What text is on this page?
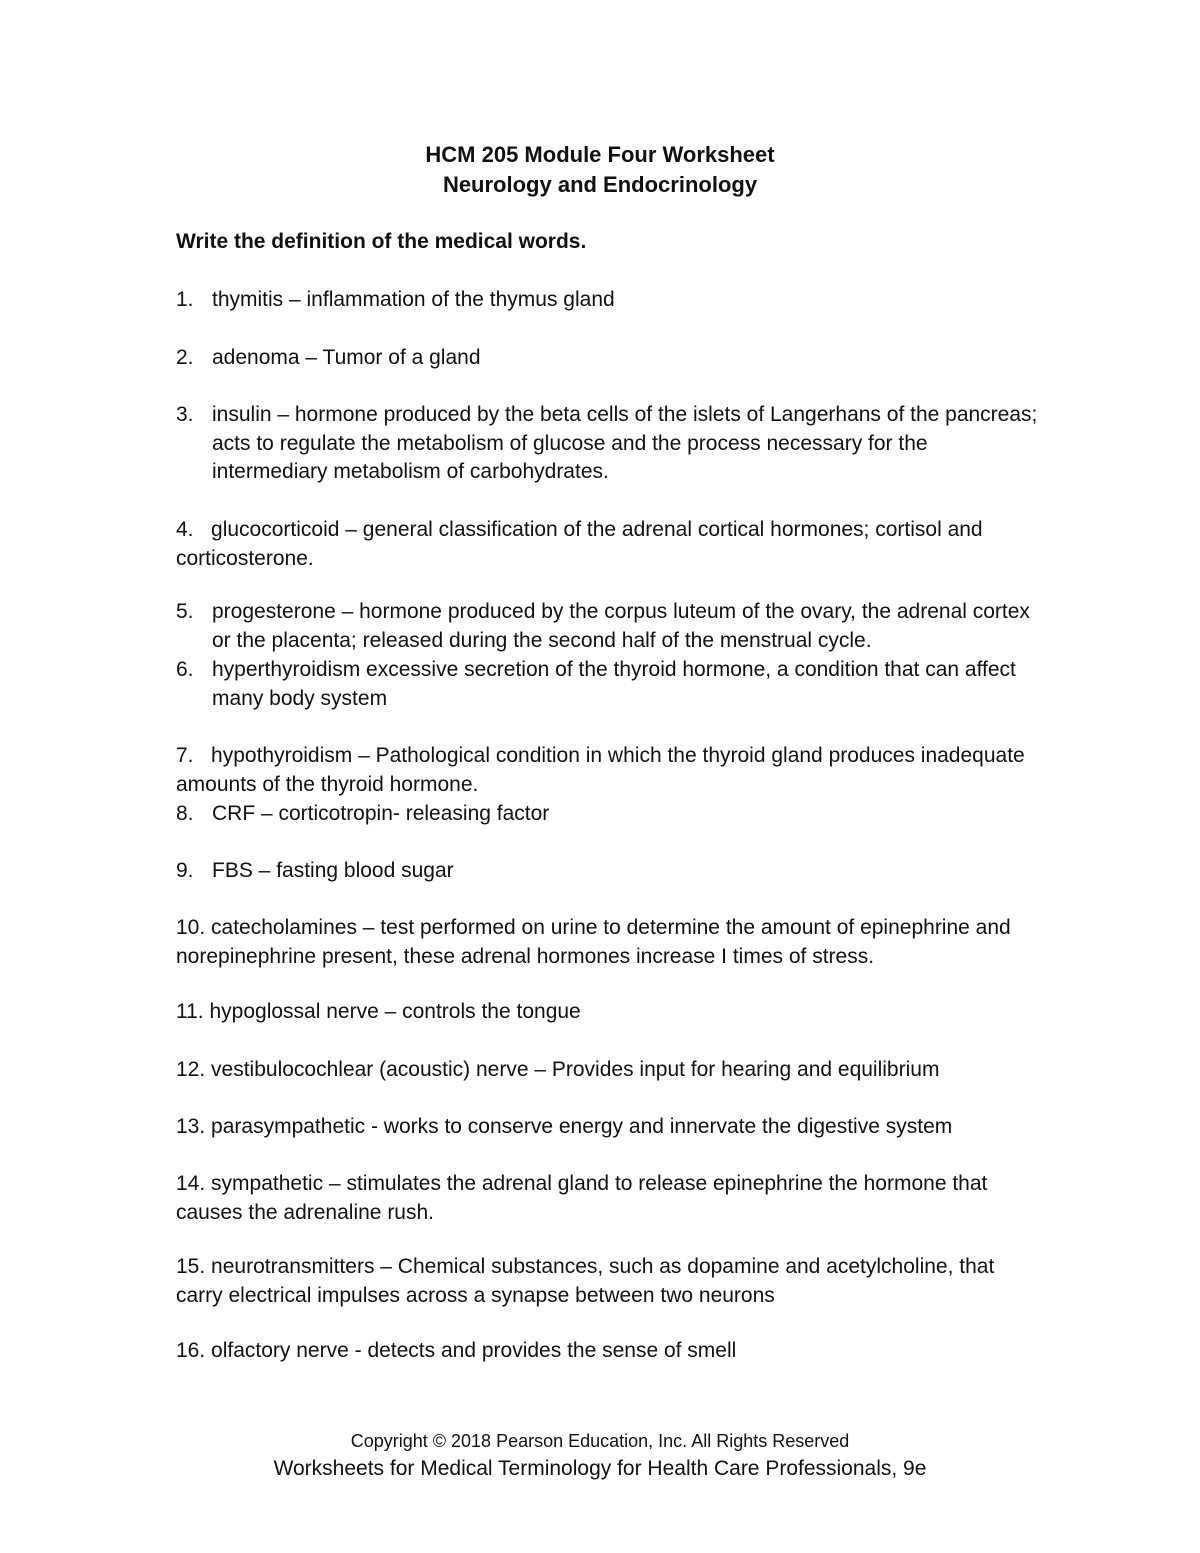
HCM 205 Module Four Worksheet
Neurology and Endocrinology
Write the definition of the medical words.
1. thymitis – inflammation of the thymus gland
2. adenoma – Tumor of a gland
3. insulin – hormone produced by the beta cells of the islets of Langerhans of the pancreas; acts to regulate the metabolism of glucose and the process necessary for the intermediary metabolism of carbohydrates.
4. glucocorticoid – general classification of the adrenal cortical hormones; cortisol and corticosterone.
5. progesterone – hormone produced by the corpus luteum of the ovary, the adrenal cortex or the placenta; released during the second half of the menstrual cycle.
6. hyperthyroidism excessive secretion of the thyroid hormone, a condition that can affect many body system
7. hypothyroidism – Pathological condition in which the thyroid gland produces inadequate amounts of the thyroid hormone.
8. CRF – corticotropin- releasing factor
9. FBS – fasting blood sugar
10. catecholamines – test performed on urine to determine the amount of epinephrine and norepinephrine present, these adrenal hormones increase I times of stress.
11. hypoglossal nerve – controls the tongue
12. vestibulocochlear (acoustic) nerve – Provides input for hearing and equilibrium
13. parasympathetic - works to conserve energy and innervate the digestive system
14. sympathetic – stimulates the adrenal gland to release epinephrine the hormone that causes the adrenaline rush.
15. neurotransmitters – Chemical substances, such as dopamine and acetylcholine, that carry electrical impulses across a synapse between two neurons
16. olfactory nerve - detects and provides the sense of smell
Copyright © 2018 Pearson Education, Inc. All Rights Reserved
Worksheets for Medical Terminology for Health Care Professionals, 9e
